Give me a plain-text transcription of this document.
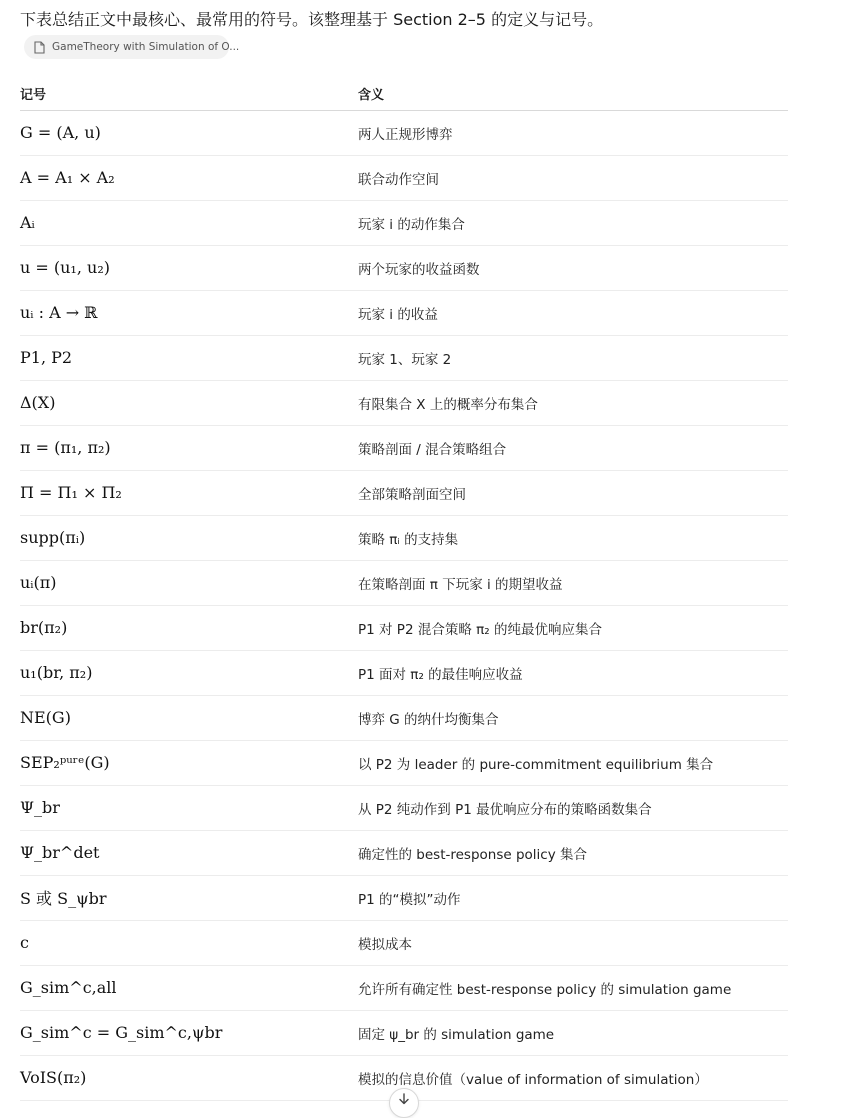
下表总结正文中最核心、最常用的符号。该整理基于 Section 2–5 的定义与记号。
GameTheory with Simulation of O...
记号	含义
G = (A, u)	两人正规形博弈
A = A₁ × A₂	联合动作空间
Aᵢ	玩家 i 的动作集合
u = (u₁, u₂)	两个玩家的收益函数
uᵢ : A → ℝ	玩家 i 的收益
P1, P2	玩家 1、玩家 2
Δ(X)	有限集合 X 上的概率分布集合
π = (π₁, π₂)	策略剖面 / 混合策略组合
Π = Π₁ × Π₂	全部策略剖面空间
supp(πᵢ)	策略 πᵢ 的支持集
uᵢ(π)	在策略剖面 π 下玩家 i 的期望收益
br(π₂)	P1 对 P2 混合策略 π₂ 的纯最优响应集合
u₁(br, π₂)	P1 面对 π₂ 的最佳响应收益
NE(G)	博弈 G 的纳什均衡集合
SEP₂ᵖᵘʳᵉ(G)	以 P2 为 leader 的 pure-commitment equilibrium 集合
Ψ_br	从 P2 纯动作到 P1 最优响应分布的策略函数集合
Ψ_br^det	确定性的 best-response policy 集合
S 或 S_ψbr	P1 的“模拟”动作
c	模拟成本
G_sim^c,all	允许所有确定性 best-response policy 的 simulation game
G_sim^c = G_sim^c,ψbr	固定 ψ_br 的 simulation game
VoIS(π₂)	模拟的信息价值（value of information of simulation）
